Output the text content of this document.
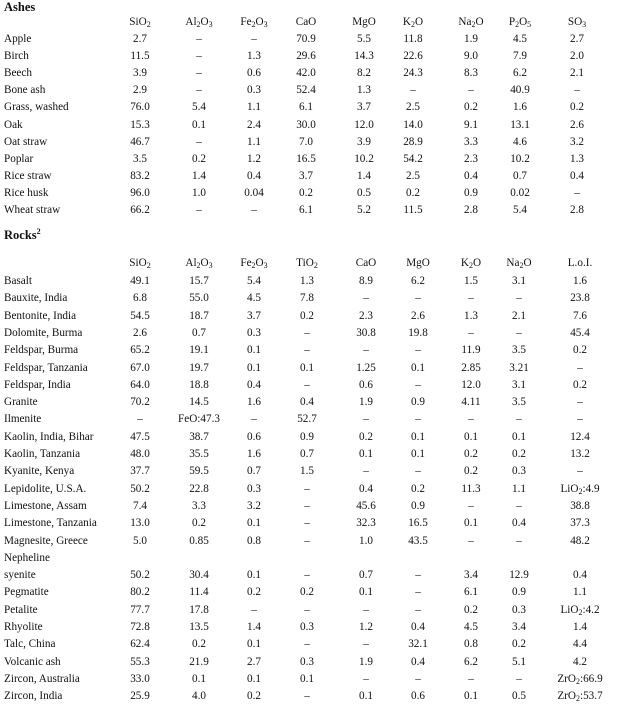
Ashes
SiO$_2$	$Al_2O_3$ $Fe_2O_3$	CaO	MgO $K_2O$	$Na_2O$ $P_2O_5$	$SO_3$
Apple	2.7	–	–	70.9	5.5	11.8	1.9	4.5	2.7
Birch	11.5	–	1.3	29.6	14.3	22.6	9.0	7.9	2.0
Beech	3.9	–	0.6	42.0	8.2	24.3	8.3	6.2	2.1
Bone ash	2.9	–	0.3	52.4	1.3	–	–	40.9	–
Grass, washed	76.0	5.4	1.1	6.1	3.7	2.5	0.2	1.6	0.2
Oak	15.3	0.1	2.4	30.0	12.0	14.0	9.1	13.1	2.6
Oat straw	46.7	–	1.1	7.0	3.9	28.9	3.3	4.6	3.2
Poplar	3.5	0.2	1.2	16.5	10.2	54.2	2.3	10.2	1.3
Rice straw	83.2	1.4	0.4	3.7	1.4	2.5	0.4	0.7	0.4
Rice husk	96.0	1.0	0.04	0.2	0.5	0.2	0.9	0.02	–
Wheat straw	66.2	–	–	6.1	5.2	11.5	2.8	5.4	2.8
Rocks$^2$
SiO$_2$	$Al_2O_3$ $Fe_2O_3$	TiO$_2$	CaO	MgO	$K_2O$ $Na_2O$	L.o.I.
Basalt	49.1	15.7	5.4	1.3	8.9	6.2	1.5	3.1	1.6
Bauxite, India	6.8	55.0	4.5	7.8	–	–	–	–	23.8
Bentonite, India	54.5	18.7	3.7	0.2	2.3	2.6	1.3	2.1	7.6
Dolomite, Burma	2.6	0.7	0.3	–	30.8	19.8	–	–	45.4
Feldspar, Burma	65.2	19.1	0.1	–	–	–	11.9	3.5	0.2
Feldspar, Tanzania	67.0	19.7	0.1	0.1	1.25	0.1	2.85	3.21	–
Feldspar, India	64.0	18.8	0.4	–	0.6	–	12.0	3.1	0.2
Granite	70.2	14.5	1.6	0.4	1.9	0.9	4.11	3.5	–
Ilmenite	–	FeO:47.3	–	52.7	–	–	–	–	–
Kaolin, India, Bihar	47.5	38.7	0.6	0.9	0.2	0.1	0.1	0.1	12.4
Kaolin, Tanzania	48.0	35.5	1.6	0.7	0.1	0.1	0.2	0.2	13.2
Kyanite, Kenya	37.7	59.5	0.7	1.5	–	–	0.2	0.3	–
Lepidolite, U.S.A.	50.2	22.8	0.3	–	0.4	0.2	11.3	1.1	LiO$_2$:4.9
Limestone, Assam	7.4	3.3	3.2	–	45.6	0.9	–	–	38.8
Limestone, Tanzania	13.0	0.2	0.1	–	32.3	16.5	0.1	0.4	37.3
Magnesite, Greece	5.0	0.85	0.8	–	1.0	43.5	–	–	48.2
Nepheline
syenite	50.2	30.4	0.1	–	0.7	–	3.4	12.9	0.4
Pegmatite	80.2	11.4	0.2	0.2	0.1	–	6.1	0.9	1.1
Petalite	77.7	17.8	–	–	–	–	0.2	0.3	LiO$_2$:4.2
Rhyolite	72.8	13.5	1.4	0.3	1.2	0.4	4.5	3.4	1.4
Talc, China	62.4	0.2	0.1	–	–	32.1	0.8	0.2	4.4
Volcanic ash	55.3	21.9	2.7	0.3	1.9	0.4	6.2	5.1	4.2
Zircon, Australia	33.0	0.1	0.1	0.1	–	–	–	–	ZrO$_2$:66.9
Zircon, India	25.9	4.0	0.2	–	0.1	0.6	0.1	0.5	ZrO$_2$:53.7
